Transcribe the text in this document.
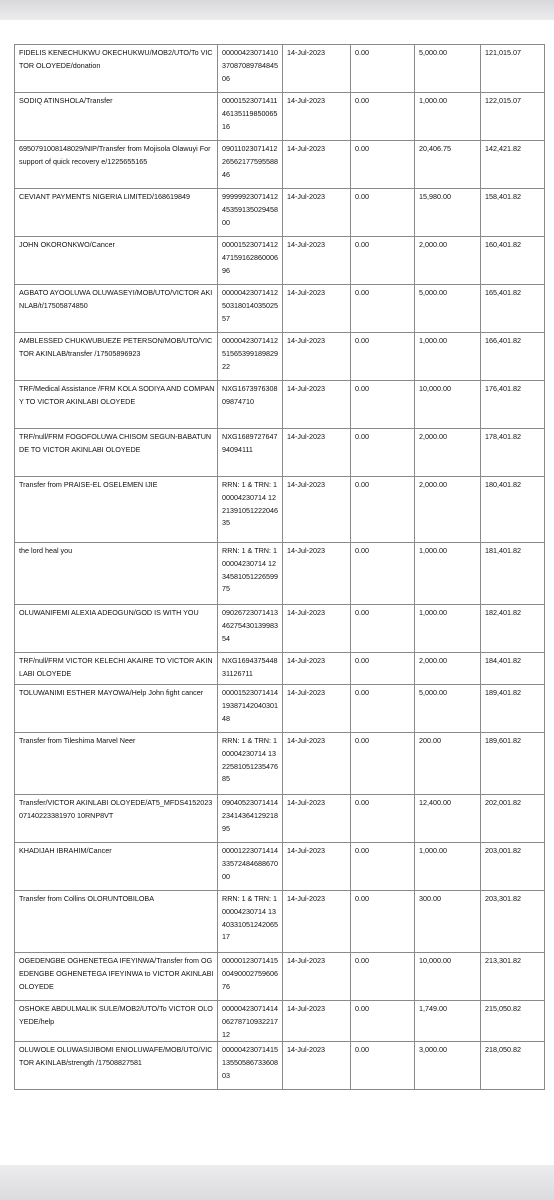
FIDELIS KENECHUKWU OKECHUKWU/MOB2/UTO/To VICTOR OLOYEDE/donation	00000423071410 37087089784845 06	14-Jul-2023	0.00	5,000.00	121,015.07
SODIQ ATINSHOLA/Transfer	00001523071411 46135119850065 16	14-Jul-2023	0.00	1,000.00	122,015.07
6950791008148029/NIP/Transfer from Mojisola Olawuyi For support of quick recovery e/1225655165	09011023071412 26562177595588 46	14-Jul-2023	0.00	20,406.75	142,421.82
CEVIANT PAYMENTS NIGERIA LIMITED/168619849	99999923071412 45359135029458 00	14-Jul-2023	0.00	15,980.00	158,401.82
JOHN OKORONKWO/Cancer	00001523071412 47159162860006 96	14-Jul-2023	0.00	2,000.00	160,401.82
AGBATO AYOOLUWA OLUWASEYI/MOB/UTO/VICTOR AKINLAB/t/17505874850	00000423071412 50318014035025 57	14-Jul-2023	0.00	5,000.00	165,401.82
AMBLESSED CHUKWUBUEZE PETERSON/MOB/UTO/VICTOR AKINLAB/transfer /17505896923	00000423071412 51565399189829 22	14-Jul-2023	0.00	1,000.00	166,401.82
TRF/Medical Assistance /FRM KOLA SODIYA AND COMPANY TO VICTOR AKINLABI OLOYEDE	NXG1673976308 09874710	14-Jul-2023	0.00	10,000.00	176,401.82
TRF/null/FRM FOGOFOLUWA CHISOM SEGUN-BABATUNDE TO VICTOR AKINLABI OLOYEDE	NXG1689727647 94094111	14-Jul-2023	0.00	2,000.00	178,401.82
Transfer from PRAISE-EL OSELEMEN IJIE	RRN: 1 & TRN: 100004230714 12 21391051222046 35	14-Jul-2023	0.00	2,000.00	180,401.82
the lord heal you	RRN: 1 & TRN: 100004230714 12 34581051226599 75	14-Jul-2023	0.00	1,000.00	181,401.82
OLUWANIFEMI ALEXIA ADEOGUN/GOD IS WITH YOU	09026723071413 46275430139983 54	14-Jul-2023	0.00	1,000.00	182,401.82
TRF/null/FRM VICTOR KELECHI AKAIRE TO VICTOR AKINLABI OLOYEDE	NXG1694375448 31126711	14-Jul-2023	0.00	2,000.00	184,401.82
TOLUWANIMI ESTHER MAYOWA/Help John fight cancer	00001523071414 19387142040301 48	14-Jul-2023	0.00	5,000.00	189,401.82
Transfer from Tileshima Marvel Neer	RRN: 1 & TRN: 100004230714 13 22581051235476 85	14-Jul-2023	0.00	200.00	189,601.82
Transfer/VICTOR AKINLABI OLOYEDE/AT5_MFDS415202307140223381970 10RNP8VT	09040523071414 23414364129218 95	14-Jul-2023	0.00	12,400.00	202,001.82
KHADIJAH IBRAHIM/Cancer	00001223071414 33572484688670 00	14-Jul-2023	0.00	1,000.00	203,001.82
Transfer from Collins OLORUNTOBILOBA	RRN: 1 & TRN: 100004230714 13 40331051242065 17	14-Jul-2023	0.00	300.00	203,301.82
OGEDENGBE OGHENETEGA IFEYINWA/Transfer from OGEDENGBE OGHENETEGA IFEYINWA to VICTOR AKINLABI OLOYEDE	00000123071415 00490002759606 76	14-Jul-2023	0.00	10,000.00	213,301.82
OSHOKE ABDULMALIK SULE/MOB2/UTO/To VICTOR OLOYEDE/help	00000423071414 06278710932217 12	14-Jul-2023	0.00	1,749.00	215,050.82
OLUWOLE OLUWASIJIBOMI ENIOLUWAFE/MOB/UTO/VICTOR AKINLAB/strength /17508827581	00000423071415 13550586733608 03	14-Jul-2023	0.00	3,000.00	218,050.82
